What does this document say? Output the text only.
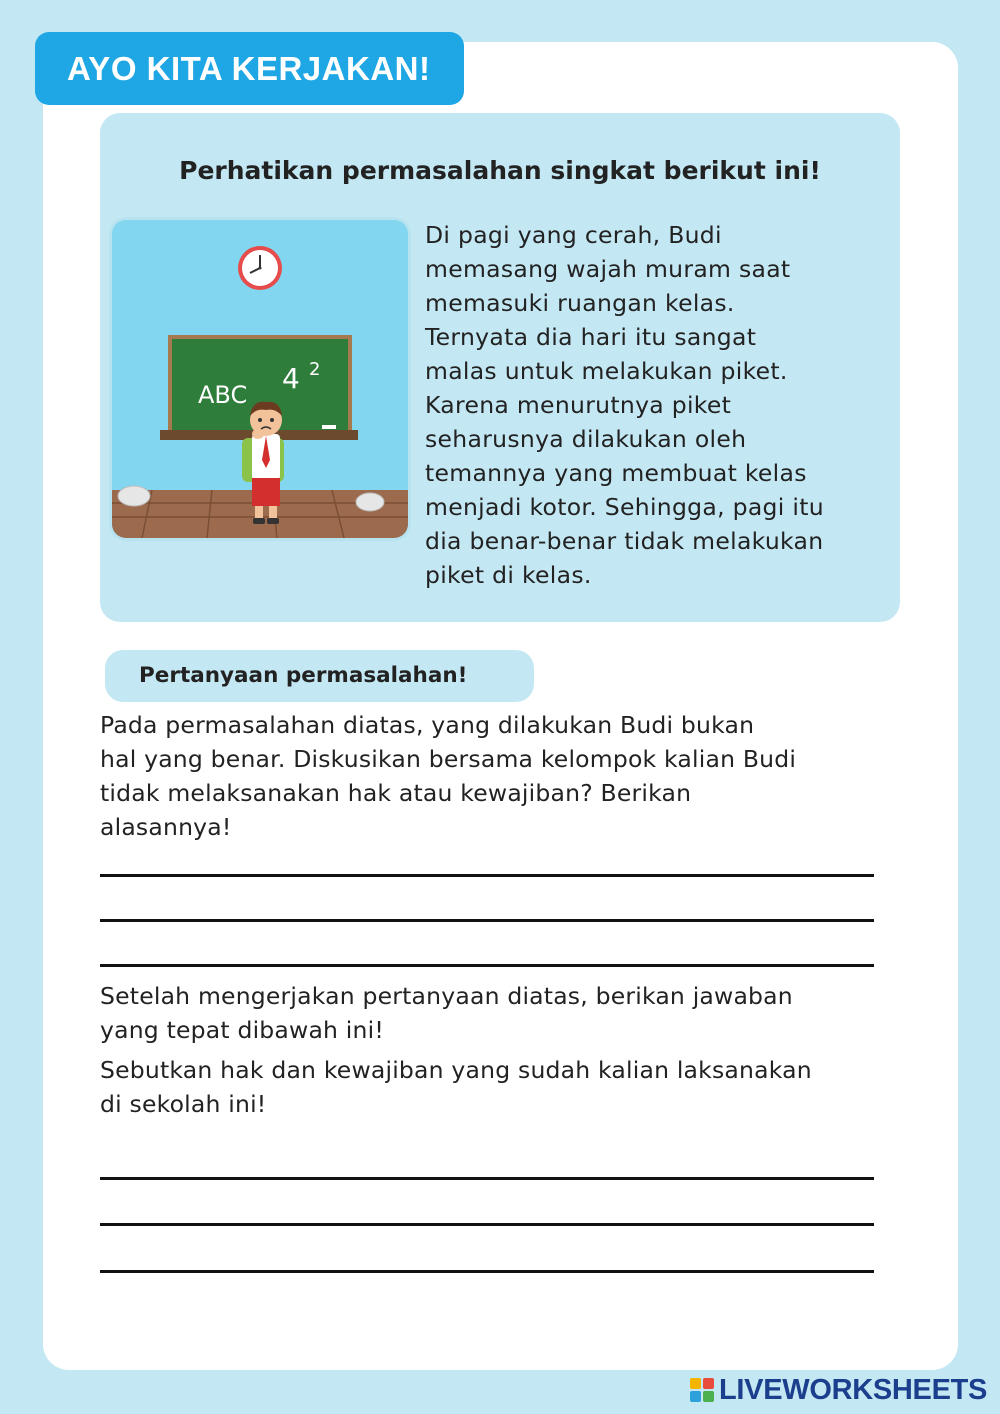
AYO KITA KERJAKAN!
Perhatikan permasalahan singkat berikut ini!
ABC 4 2
Di pagi yang cerah, Budi
memasang wajah muram saat
memasuki ruangan kelas.
Ternyata dia hari itu sangat
malas untuk melakukan piket.
Karena menurutnya piket
seharusnya dilakukan oleh
temannya yang membuat kelas
menjadi kotor. Sehingga, pagi itu
dia benar-benar tidak melakukan
piket di kelas.
Pertanyaan permasalahan!
Pada permasalahan diatas, yang dilakukan Budi bukan
hal yang benar. Diskusikan bersama kelompok kalian Budi
tidak melaksanakan hak atau kewajiban? Berikan
alasannya!
Setelah mengerjakan pertanyaan diatas, berikan jawaban
yang tepat dibawah ini!
Sebutkan hak dan kewajiban yang sudah kalian laksanakan
di sekolah ini!
LIVEWORKSHEETS
